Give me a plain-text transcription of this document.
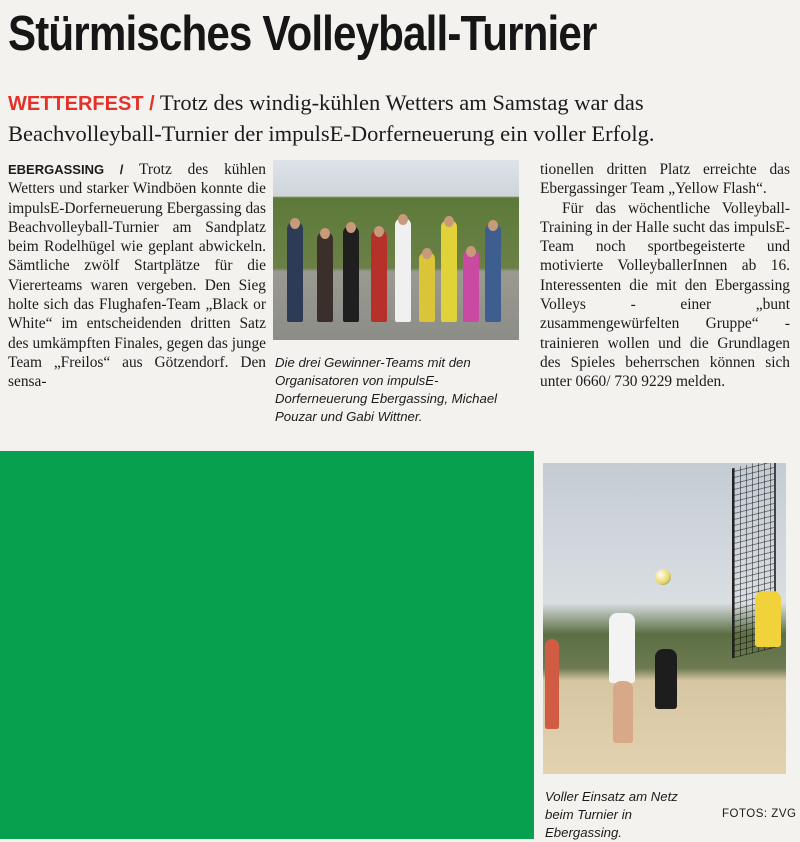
Stürmisches Volleyball-Turnier

WETTERFEST / Trotz des windig-kühlen Wetters am Samstag war das Beachvolleyball-Turnier der impulsE-Dorferneuerung ein voller Erfolg.

EBERGASSING / Trotz des kühlen Wetters und starker Windböen konnte die impulsE-Dorferneuerung Ebergassing das Beachvolleyball-Turnier am Sandplatz beim Rodelhügel wie geplant abwickeln. Sämtliche zwölf Startplätze für die Viererteams waren vergeben. Den Sieg holte sich das Flughafen-Team „Black or White“ im entscheidenden dritten Satz des umkämpften Finales, gegen das junge Team „Freilos“ aus Götzendorf. Den sensa-

Die drei Gewinner-Teams mit den Organisatoren von impulsE-Dorferneuerung Ebergassing, Michael Pouzar und Gabi Wittner.

tionellen dritten Platz erreichte das Ebergassinger Team „Yellow Flash“.

Für das wöchentliche Volleyball-Training in der Halle sucht das impulsE-Team noch sportbegeisterte und motivierte VolleyballerInnen ab 16. Interessenten die mit den Ebergassing Volleys - einer „bunt zusammengewürfelten Gruppe“ - trainieren wollen und die Grundlagen des Spieles beherrschen können sich unter 0660/ 730 9229 melden.

Voller Einsatz am Netz beim Turnier in Ebergassing.

FOTOS: ZVG
